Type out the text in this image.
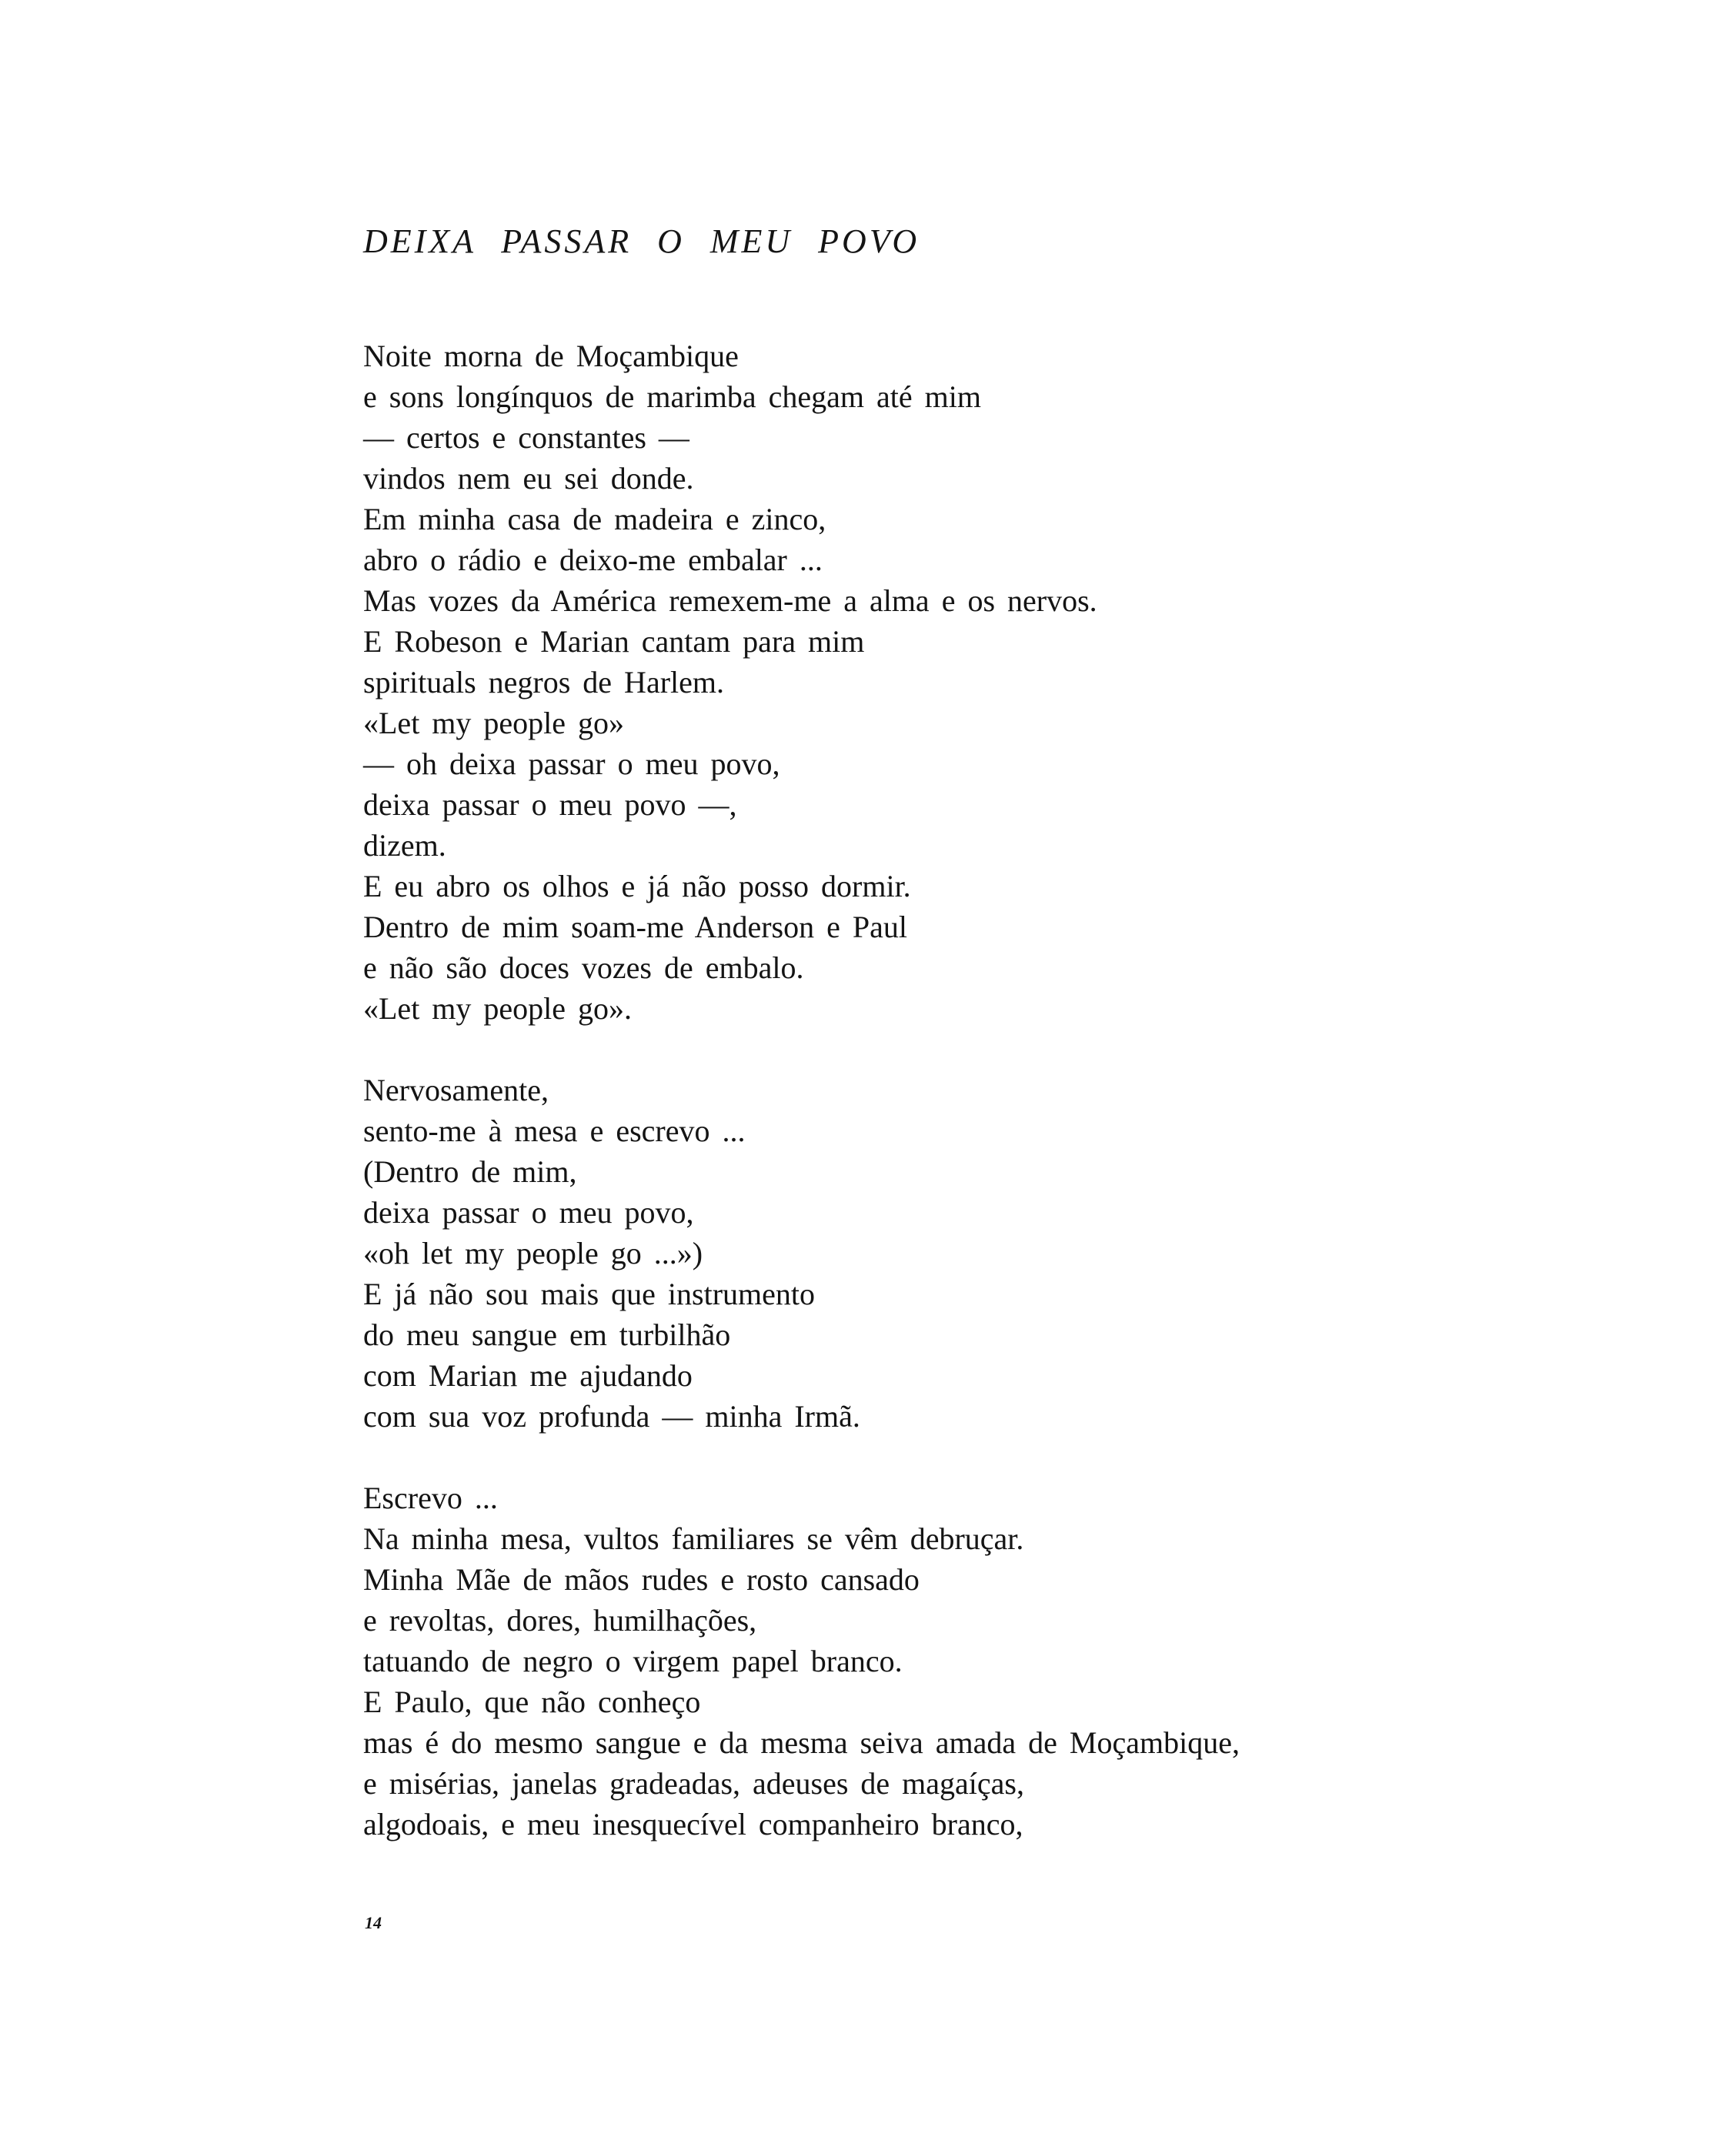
DEIXA PASSAR O MEU POVO
Noite morna de Moçambique
e sons longínquos de marimba chegam até mim
— certos e constantes —
vindos nem eu sei donde.
Em minha casa de madeira e zinco,
abro o rádio e deixo-me embalar ...
Mas vozes da América remexem-me a alma e os nervos.
E Robeson e Marian cantam para mim
spirituals negros de Harlem.
«Let my people go»
— oh deixa passar o meu povo,
deixa passar o meu povo —,
dizem.
E eu abro os olhos e já não posso dormir.
Dentro de mim soam-me Anderson e Paul
e não são doces vozes de embalo.
«Let my people go».
Nervosamente,
sento-me à mesa e escrevo ...
(Dentro de mim,
deixa passar o meu povo,
«oh let my people go ...»)
E já não sou mais que instrumento
do meu sangue em turbilhão
com Marian me ajudando
com sua voz profunda — minha Irmã.
Escrevo ...
Na minha mesa, vultos familiares se vêm debruçar.
Minha Mãe de mãos rudes e rosto cansado
e revoltas, dores, humilhações,
tatuando de negro o virgem papel branco.
E Paulo, que não conheço
mas é do mesmo sangue e da mesma seiva amada de Moçambique,
e misérias, janelas gradeadas, adeuses de magaíças,
algodoais, e meu inesquecível companheiro branco,
14
